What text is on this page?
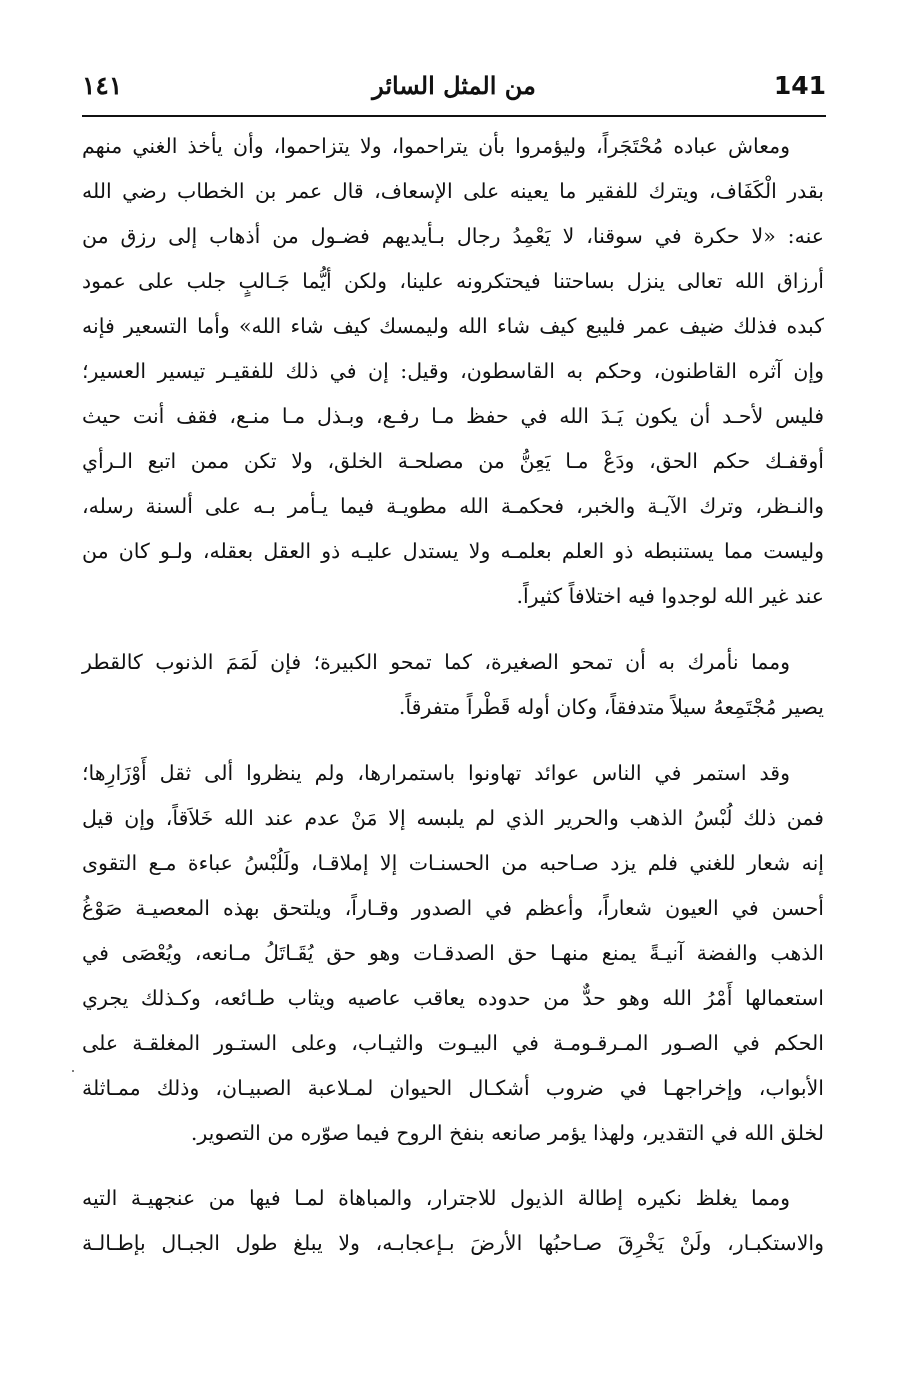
141
من المثل السائر
١٤١
ومعاش عباده مُحْتَجَراً، وليؤمروا بأن يتراحموا، ولا يتزاحموا، وأن يأخذ الغني منهم
بقدر الْكَفَاف، ويترك للفقير ما يعينه على الإسعاف، قال عمر بن الخطاب رضي الله
عنه: «لا حكرة في سوقنا، لا يَعْمِدُ رجال بـأيديهم فضـول من أذهاب إلى رزق من
أرزاق الله تعالى ينزل بساحتنا فيحتكرونه علينا، ولكن أيُّما جَـالبٍ جلب على عمود
كبده فذلك ضيف عمر فليبع كيف شاء الله وليمسك كيف شاء الله» وأما التسعير فإنه
وإن آثره القاطنون، وحكم به القاسطون، وقيل: إن في ذلك للفقيـر تيسير العسير؛
فليس لأحـد أن يكون يَـدَ الله في حفظ مـا رفـع، وبـذل مـا منـع، فقف أنت حيث
أوقفـك حكم الحق، ودَعْ مـا يَعِنُّ من مصلحـة الخلق، ولا تكن ممن اتبع الـرأي
والنـظر، وترك الآيـة والخبر، فحكمـة الله مطويـة فيما يـأمر بـه على ألسنة رسله،
وليست مما يستنبطه ذو العلم بعلمـه ولا يستدل عليـه ذو العقل بعقله، ولـو كان من
عند غير الله لوجدوا فيه اختلافاً كثيراً.
ومما نأمرك به أن تمحو الصغيرة، كما تمحو الكبيرة؛ فإن لَمَمَ الذنوب كالقطر
يصير مُجْتَمِعهُ سيلاً متدفقاً، وكان أوله قَطْراً متفرقاً.
وقد استمر في الناس عوائد تهاونوا باستمرارها، ولم ينظروا ألى ثقل أَوْزَارِها؛
فمن ذلك لُبْسُ الذهب والحرير الذي لم يلبسه إلا مَنْ عدم عند الله خَلاَقاً، وإن قيل
إنه شعار للغني فلم يزد صـاحبه من الحسنـات إلا إملاقـا، ولَلُبْسُ عباءة مـع التقوى
أحسن في العيون شعاراً، وأعظم في الصدور وقـاراً، ويلتحق بهذه المعصيـة صَوْغُ
الذهب والفضة آنيـةً يمنع منهـا حق الصدقـات وهو حق يُقَـاتَلُ مـانعه، ويُعْصَى في
استعمالها أَمْرُ الله وهو حدٌّ من حدوده يعاقب عاصيه ويثاب طـائعه، وكـذلك يجري
الحكم في الصـور المـرقـومـة في البيـوت والثيـاب، وعلى الستـور المغلقـة على
الأبواب، وإخراجهـا في ضروب أشكـال الحيوان لمـلاعبة الصبيـان، وذلك ممـاثلة
لخلق الله في التقدير، ولهذا يؤمر صانعه بنفخ الروح فيما صوّره من التصوير.
ومما يغلظ نكيره إطالة الذيول للاجترار، والمباهاة لمـا فيها من عنجهيـة التيه
والاستكبـار، ولَنْ يَخْرِقَ صـاحبُها الأرضَ بـإعجابـه، ولا يبلغ طول الجبـال بإطـالـة
